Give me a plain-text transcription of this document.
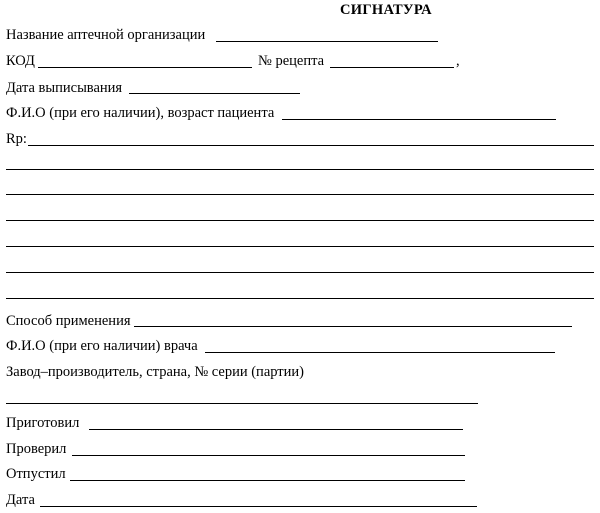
СИГНАТУРА
Название аптечной организации
КОД	№ рецепта	,
Дата выписывания
Ф.И.О (при его наличии), возраст пациента
Rp:
Способ применения
Ф.И.О (при его наличии) врача
Завод–производитель, страна, № серии (партии)
Приготовил
Проверил
Отпустил
Дата
